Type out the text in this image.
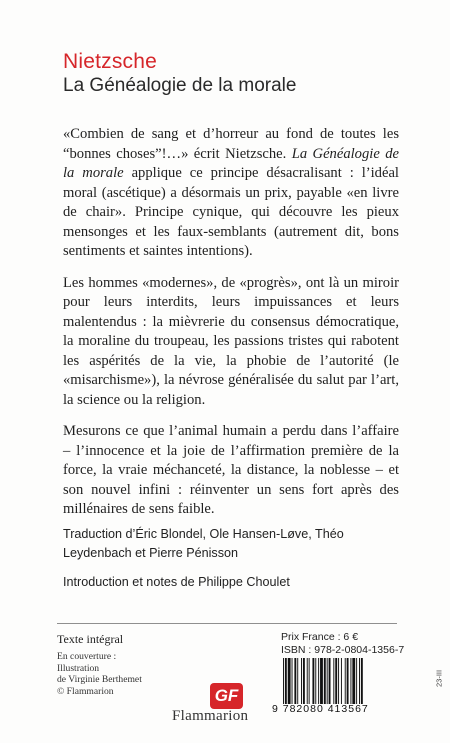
Nietzsche
La Généalogie de la morale

«Combien de sang et d’horreur au fond de toutes les “bonnes choses”!…» écrit Nietzsche. La Généalogie de la morale applique ce principe désacralisant : l’idéal moral (ascétique) a désormais un prix, payable «en livre de chair». Principe cynique, qui découvre les pieux mensonges et les faux-semblants (autrement dit, bons sentiments et saintes intentions).

Les hommes «modernes», de «progrès», ont là un miroir pour leurs interdits, leurs impuissances et leurs malentendus : la mièvrerie du consensus démocratique, la moraline du troupeau, les passions tristes qui rabotent les aspérités de la vie, la phobie de l’autorité (le «misarchisme»), la névrose généralisée du salut par l’art, la science ou la religion.

Mesurons ce que l’animal humain a perdu dans l’affaire – l’innocence et la joie de l’affirmation première de la force, la vraie méchanceté, la distance, la noblesse – et son nouvel infini : réinventer un sens fort après des millénaires de sens faible.

Traduction d’Éric Blondel, Ole Hansen-Løve, Théo Leydenbach et Pierre Pénisson

Introduction et notes de Philippe Choulet

Texte intégral
En couverture :
Illustration
de Virginie Berthemet
© Flammarion
Prix France : 6 €
ISBN : 978-2-0804-1356-7
9 782080 413567
GF
Flammarion
23-III
